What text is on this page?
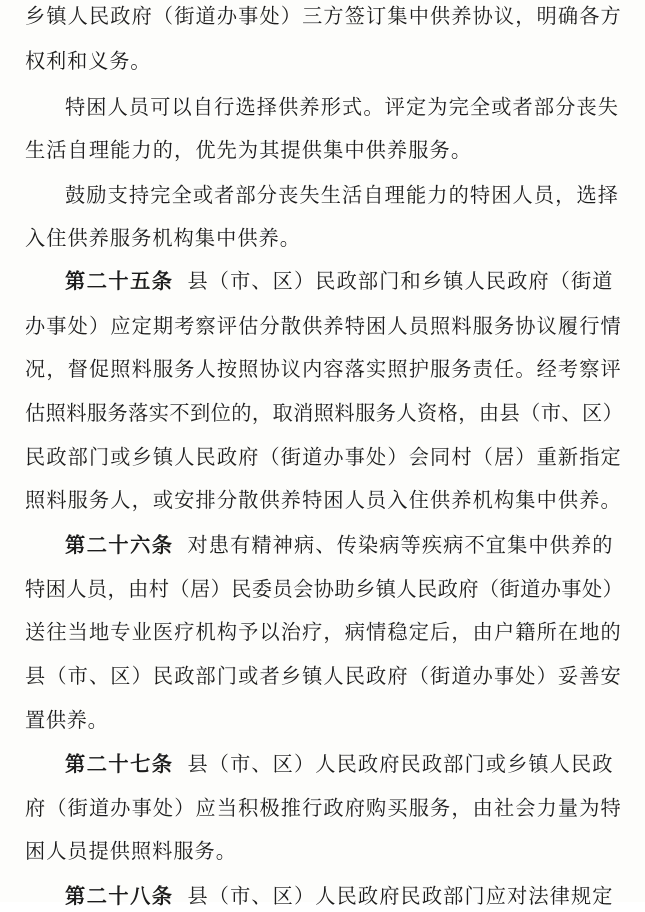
乡镇人民政府（街道办事处）三方签订集中供养协议，明确各方
权利和义务。
特困人员可以自行选择供养形式。评定为完全或者部分丧失
生活自理能力的，优先为其提供集中供养服务。
鼓励支持完全或者部分丧失生活自理能力的特困人员，选择
入住供养服务机构集中供养。
第二十五条 县（市、区）民政部门和乡镇人民政府（街道
办事处）应定期考察评估分散供养特困人员照料服务协议履行情
况，督促照料服务人按照协议内容落实照护服务责任。经考察评
估照料服务落实不到位的，取消照料服务人资格，由县（市、区）
民政部门或乡镇人民政府（街道办事处）会同村（居）重新指定
照料服务人，或安排分散供养特困人员入住供养机构集中供养。
第二十六条 对患有精神病、传染病等疾病不宜集中供养的
特困人员，由村（居）民委员会协助乡镇人民政府（街道办事处）
送往当地专业医疗机构予以治疗，病情稳定后，由户籍所在地的
县（市、区）民政部门或者乡镇人民政府（街道办事处）妥善安
置供养。
第二十七条 县（市、区）人民政府民政部门或乡镇人民政
府（街道办事处）应当积极推行政府购买服务，由社会力量为特
困人员提供照料服务。
第二十八条 县（市、区）人民政府民政部门应对法律规定
